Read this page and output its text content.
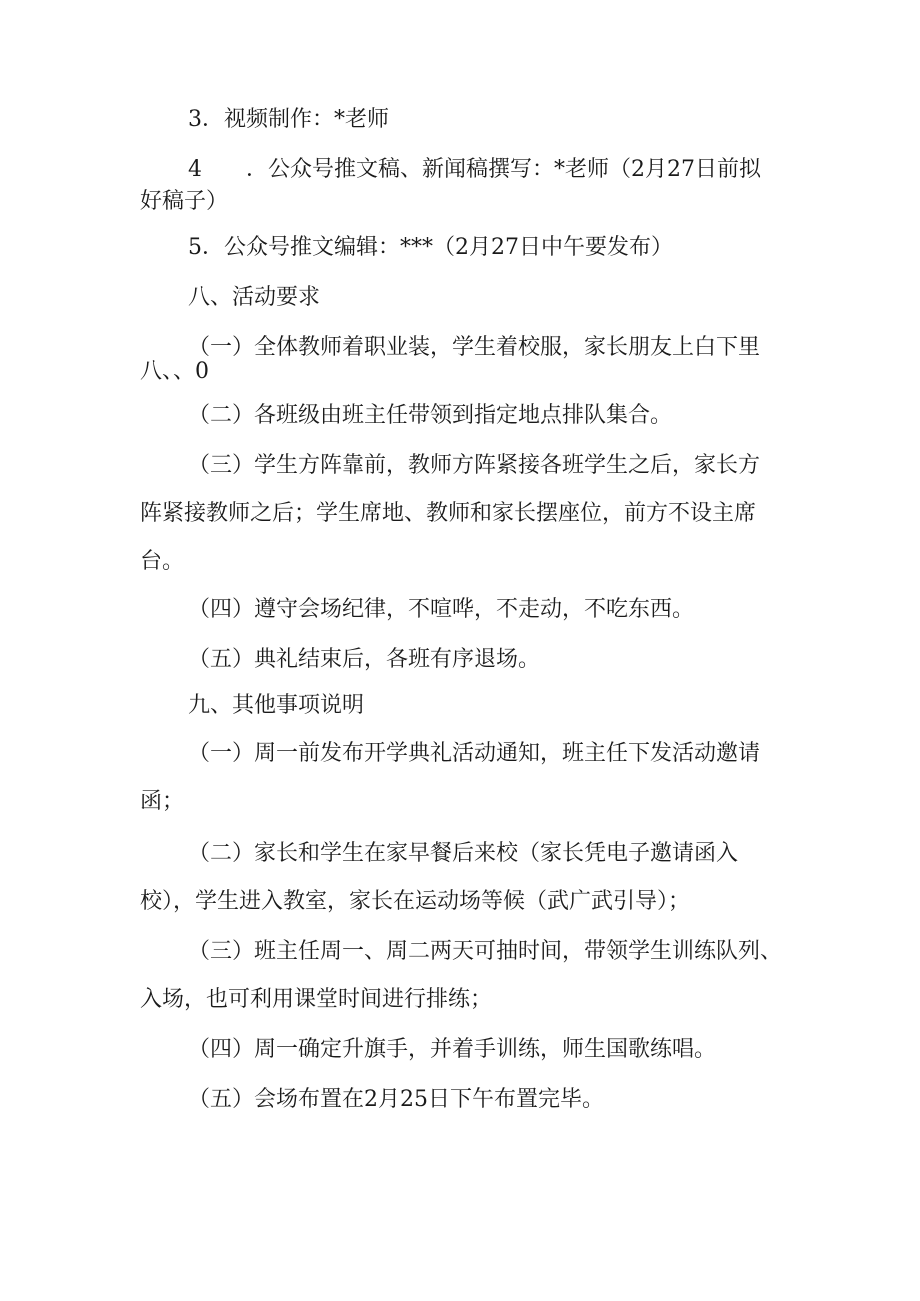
3．视频制作：*老师

4　　．公众号推文稿、新闻稿撰写：*老师（2月27日前拟

好稿子）

5．公众号推文编辑：***（2月27日中午要发布）

八、活动要求

（一）全体教师着职业装，学生着校服，家长朋友上白下里

八、、0

（二）各班级由班主任带领到指定地点排队集合。

（三）学生方阵靠前，教师方阵紧接各班学生之后，家长方

阵紧接教师之后；学生席地、教师和家长摆座位，前方不设主席

台。

（四）遵守会场纪律，不喧哗，不走动，不吃东西。

（五）典礼结束后，各班有序退场。

九、其他事项说明

（一）周一前发布开学典礼活动通知，班主任下发活动邀请

函；

（二）家长和学生在家早餐后来校（家长凭电子邀请函入

校），学生进入教室，家长在运动场等候（武广武引导）；

（三）班主任周一、周二两天可抽时间，带领学生训练队列、

入场，也可利用课堂时间进行排练；

（四）周一确定升旗手，并着手训练，师生国歌练唱。

（五）会场布置在2月25日下午布置完毕。
